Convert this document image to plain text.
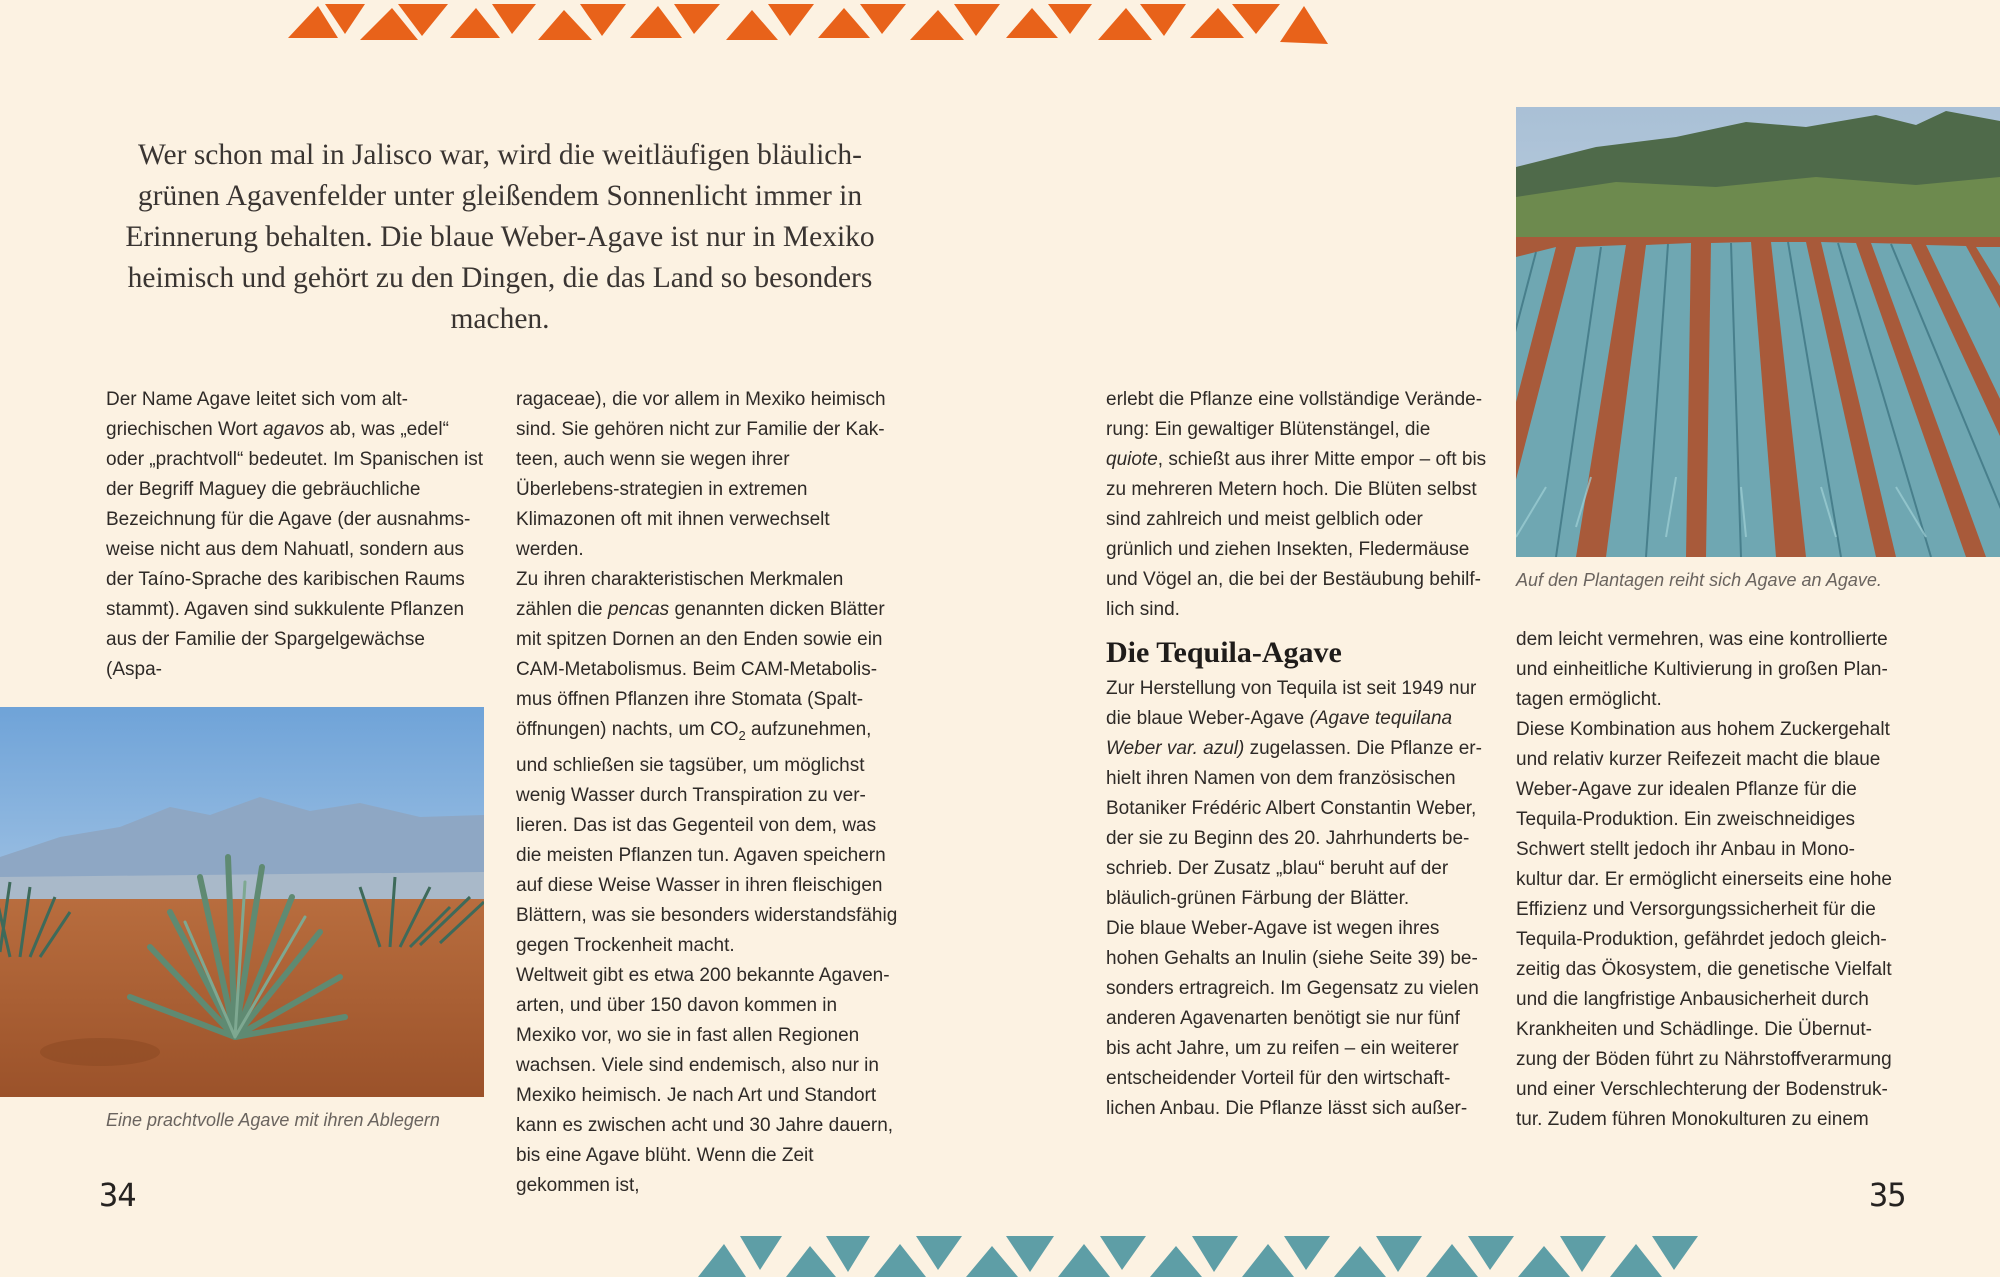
Wer schon mal in Jalisco war, wird die weitläufigen bläulich-grünen Agavenfelder unter gleißendem Sonnenlicht immer in Erinnerung behalten. Die blaue Weber-Agave ist nur in Mexiko heimisch und gehört zu den Dingen, die das Land so besonders machen.

Der Name Agave leitet sich vom alt-griechischen Wort agavos ab, was „edel“ oder „prachtvoll“ bedeutet. Im Spanischen ist der Begriff Maguey die gebräuchliche Bezeichnung für die Agave (der ausnahms-weise nicht aus dem Nahuatl, sondern aus der Taíno-Sprache des karibischen Raums stammt). Agaven sind sukkulente Pflanzen aus der Familie der Spargelgewächse (Aspa-

Eine prachtvolle Agave mit ihren Ablegern

ragaceae), die vor allem in Mexiko heimisch sind. Sie gehören nicht zur Familie der Kak-teen, auch wenn sie wegen ihrer Überlebens-strategien in extremen Klimazonen oft mit ihnen verwechselt werden.

Zu ihren charakteristischen Merkmalen zählen die pencas genannten dicken Blätter mit spitzen Dornen an den Enden sowie ein CAM-Metabolismus. Beim CAM-Metabolis-mus öffnen Pflanzen ihre Stomata (Spalt-öffnungen) nachts, um $CO_2$ aufzunehmen, und schließen sie tagsüber, um möglichst wenig Wasser durch Transpiration zu ver-lieren. Das ist das Gegenteil von dem, was die meisten Pflanzen tun. Agaven speichern auf diese Weise Wasser in ihren fleischigen Blättern, was sie besonders widerstandsfähig gegen Trockenheit macht.

Weltweit gibt es etwa 200 bekannte Agaven-arten, und über 150 davon kommen in Mexiko vor, wo sie in fast allen Regionen wachsen. Viele sind endemisch, also nur in Mexiko heimisch. Je nach Art und Standort kann es zwischen acht und 30 Jahre dauern, bis eine Agave blüht. Wenn die Zeit gekommen ist,

erlebt die Pflanze eine vollständige Verände-rung: Ein gewaltiger Blütenstängel, die quiote, schießt aus ihrer Mitte empor – oft bis zu mehreren Metern hoch. Die Blüten selbst sind zahlreich und meist gelblich oder grünlich und ziehen Insekten, Fledermäuse und Vögel an, die bei der Bestäubung behilf-lich sind.

Die Tequila-Agave

Zur Herstellung von Tequila ist seit 1949 nur die blaue Weber-Agave (Agave tequilana Weber var. azul) zugelassen. Die Pflanze er-hielt ihren Namen von dem französischen Botaniker Frédéric Albert Constantin Weber, der sie zu Beginn des 20. Jahrhunderts be-schrieb. Der Zusatz „blau“ beruht auf der bläulich-grünen Färbung der Blätter.

Die blaue Weber-Agave ist wegen ihres hohen Gehalts an Inulin (siehe Seite 39) be-sonders ertragreich. Im Gegensatz zu vielen anderen Agavenarten benötigt sie nur fünf bis acht Jahre, um zu reifen – ein weiterer entscheidender Vorteil für den wirtschaft-lichen Anbau. Die Pflanze lässt sich außer-

Auf den Plantagen reiht sich Agave an Agave.

dem leicht vermehren, was eine kontrollierte und einheitliche Kultivierung in großen Plan-tagen ermöglicht.

Diese Kombination aus hohem Zuckergehalt und relativ kurzer Reifezeit macht die blaue Weber-Agave zur idealen Pflanze für die Tequila-Produktion. Ein zweischneidiges Schwert stellt jedoch ihr Anbau in Mono-kultur dar. Er ermöglicht einerseits eine hohe Effizienz und Versorgungssicherheit für die Tequila-Produktion, gefährdet jedoch gleich-zeitig das Ökosystem, die genetische Vielfalt und die langfristige Anbausicherheit durch Krankheiten und Schädlinge. Die Übernut-zung der Böden führt zu Nährstoffverarmung und einer Verschlechterung der Bodenstruk-tur. Zudem führen Monokulturen zu einem

34	35
